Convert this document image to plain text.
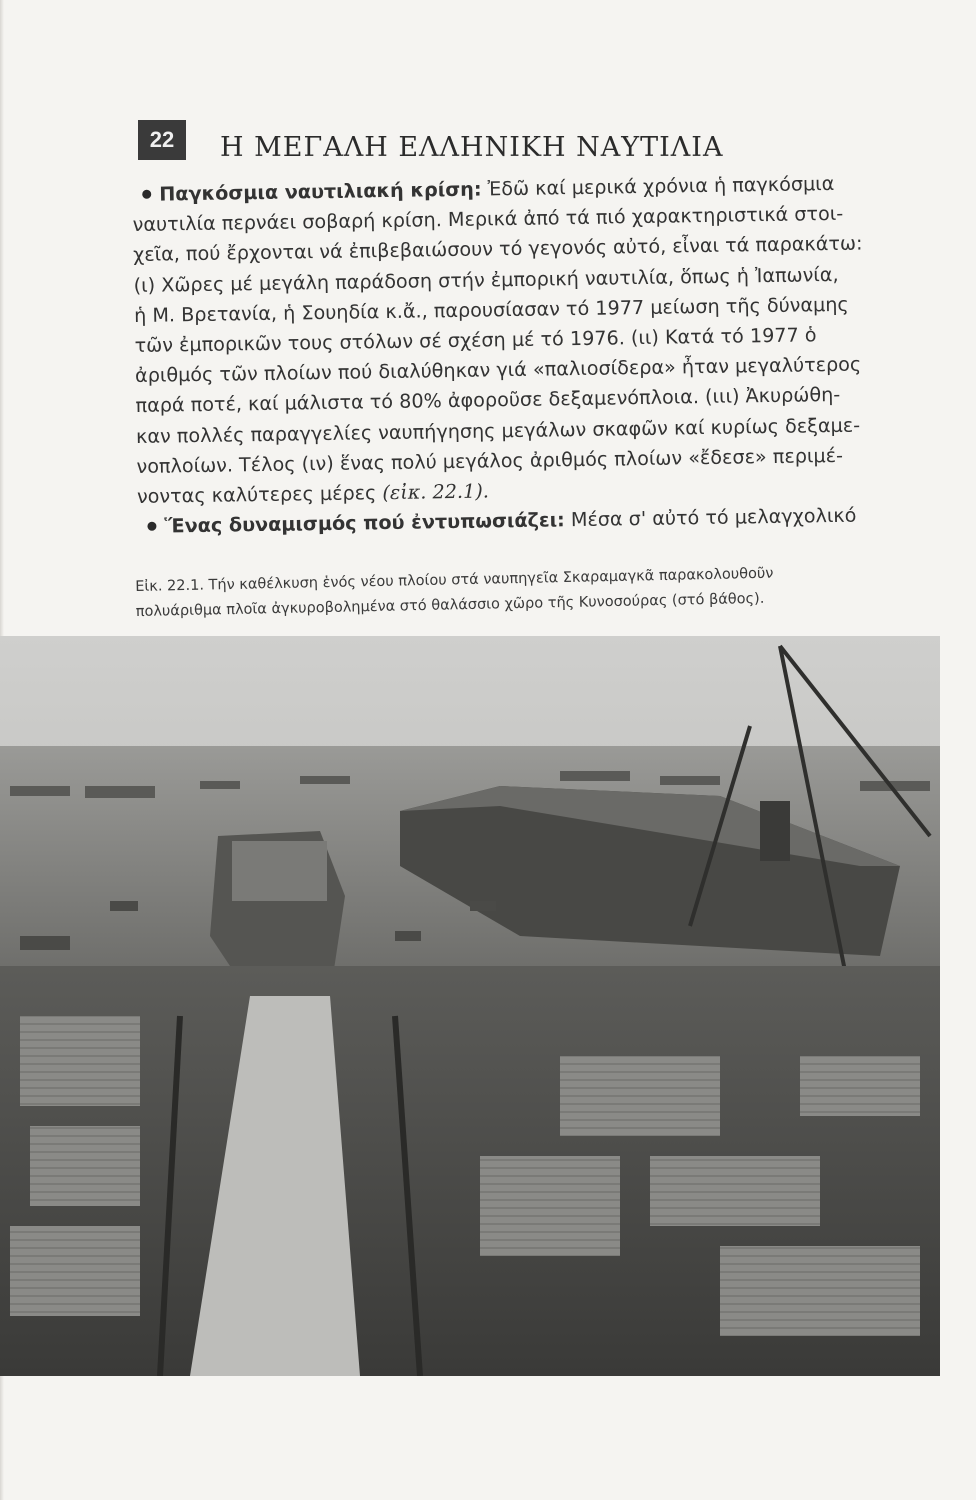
22 Η ΜΕΓΑΛΗ ΕΛΛΗΝΙΚΗ ΝΑΥΤΙΛΙΑ
Παγκόσμια ναυτιλιακή κρίση: Ἐδῶ καί μερικά χρόνια ἡ παγκόσμια
ναυτιλία περνάει σοβαρή κρίση. Μερικά ἀπό τά πιό χαρακτηριστικά στοι-
χεῖα, πού ἔρχονται νά ἐπιβεβαιώσουν τό γεγονός αὐτό, εἶναι τά παρακάτω:
(ι) Χῶρες μέ μεγάλη παράδοση στήν ἐμπορική ναυτιλία, ὅπως ἡ Ἰαπωνία,
ἡ Μ. Βρετανία, ἡ Σουηδία κ.ἄ., παρουσίασαν τό 1977 μείωση τῆς δύναμης
τῶν ἐμπορικῶν τους στόλων σέ σχέση μέ τό 1976. (ιι) Κατά τό 1977 ὁ
ἀριθμός τῶν πλοίων πού διαλύθηκαν γιά «παλιοσίδερα» ἦταν μεγαλύτερος
παρά ποτέ, καί μάλιστα τό 80% ἀφοροῦσε δεξαμενόπλοια. (ιιι) Ἀκυρώθη-
καν πολλές παραγγελίες ναυπήγησης μεγάλων σκαφῶν καί κυρίως δεξαμε-
νοπλοίων. Τέλος (ιν) ἕνας πολύ μεγάλος ἀριθμός πλοίων «ἔδεσε» περιμέ-
νοντας καλύτερες μέρες (εἰκ. 22.1).
Ἕνας δυναμισμός πού ἐντυπωσιάζει: Μέσα σ' αὐτό τό μελαγχολικό
Εἰκ. 22.1. Τήν καθέλκυση ἑνός νέου πλοίου στά ναυπηγεῖα Σκαραμαγκᾶ παρακολουθοῦν
πολυάριθμα πλοῖα ἀγκυροβολημένα στό θαλάσσιο χῶρο τῆς Κυνοσούρας (στό βάθος).
